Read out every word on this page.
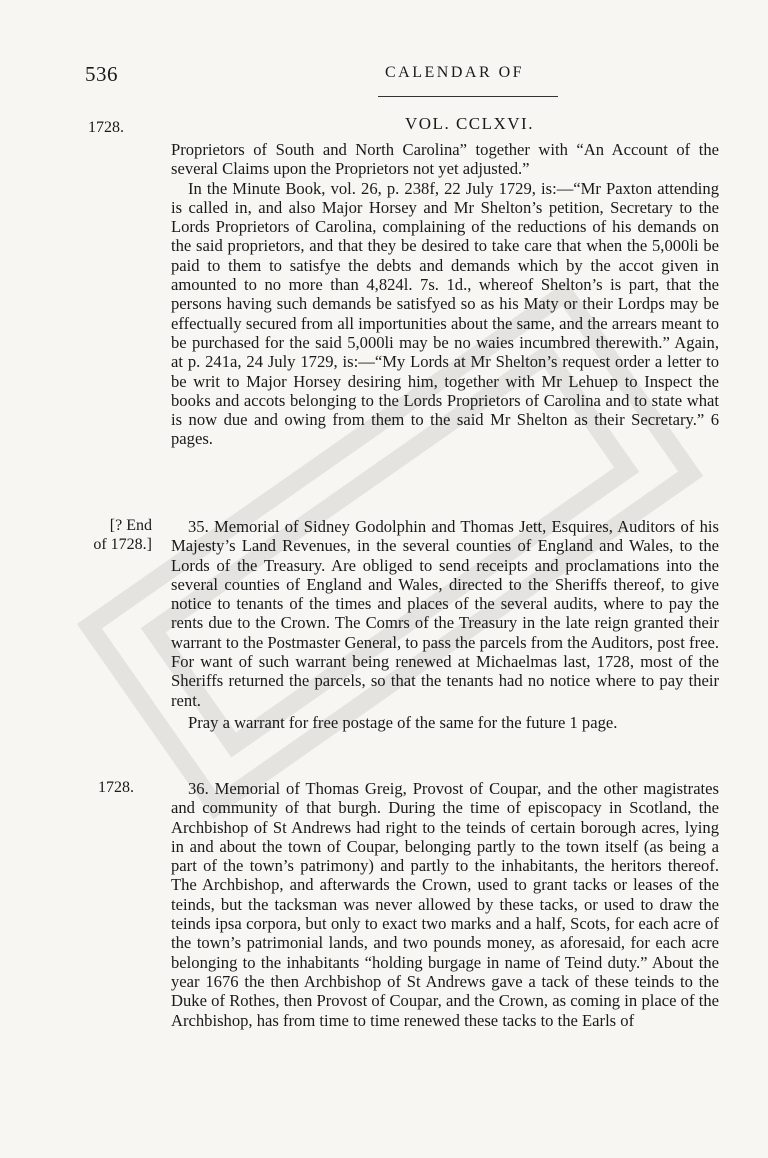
536	CALENDAR OF
VOL. CCLXVI.
1728.

Proprietors of South and North Carolina” together with “An Account of the several Claims upon the Proprietors not yet adjusted.”

In the Minute Book, vol. 26, p. 238f, 22 July 1729, is:—“Mr Paxton attending is called in, and also Major Horsey and Mr Shelton’s petition, Secretary to the Lords Proprietors of Carolina, complaining of the reductions of his demands on the said proprietors, and that they be desired to take care that when the 5,000li be paid to them to satisfye the debts and demands which by the accot given in amounted to no more than 4,824l. 7s. 1d., whereof Shelton’s is part, that the persons having such demands be satisfyed so as his Maty or their Lordps may be effectually secured from all importunities about the same, and the arrears meant to be purchased for the said 5,000li may be no waies incumbred therewith.” Again, at p. 241a, 24 July 1729, is:—“My Lords at Mr Shelton’s request order a letter to be writ to Major Horsey desiring him, together with Mr Lehuep to Inspect the books and accots belonging to the Lords Proprietors of Carolina and to state what is now due and owing from them to the said Mr Shelton as their Secretary.” 6 pages.

[? End
of 1728.]

35. Memorial of Sidney Godolphin and Thomas Jett, Esquires, Auditors of his Majesty’s Land Revenues, in the several counties of England and Wales, to the Lords of the Treasury. Are obliged to send receipts and proclamations into the several counties of England and Wales, directed to the Sheriffs thereof, to give notice to tenants of the times and places of the several audits, where to pay the rents due to the Crown. The Comrs of the Treasury in the late reign granted their warrant to the Postmaster General, to pass the parcels from the Auditors, post free. For want of such warrant being renewed at Michaelmas last, 1728, most of the Sheriffs returned the parcels, so that the tenants had no notice where to pay their rent.

Pray a warrant for free postage of the same for the future 1 page.

1728.	36. Memorial of Thomas Greig, Provost of Coupar, and the other magistrates and community of that burgh. During the time of episcopacy in Scotland, the Archbishop of St Andrews had right to the teinds of certain borough acres, lying in and about the town of Coupar, belonging partly to the town itself (as being a part of the town’s patrimony) and partly to the inhabitants, the heritors thereof. The Archbishop, and afterwards the Crown, used to grant tacks or leases of the teinds, but the tacksman was never allowed by these tacks, or used to draw the teinds ipsa corpora, but only to exact two marks and a half, Scots, for each acre of the town’s patrimonial lands, and two pounds money, as aforesaid, for each acre belonging to the inhabitants “holding burgage in name of Teind duty.” About the year 1676 the then Archbishop of St Andrews gave a tack of these teinds to the Duke of Rothes, then Provost of Coupar, and the Crown, as coming in place of the Archbishop, has from time to time renewed these tacks to the Earls of
